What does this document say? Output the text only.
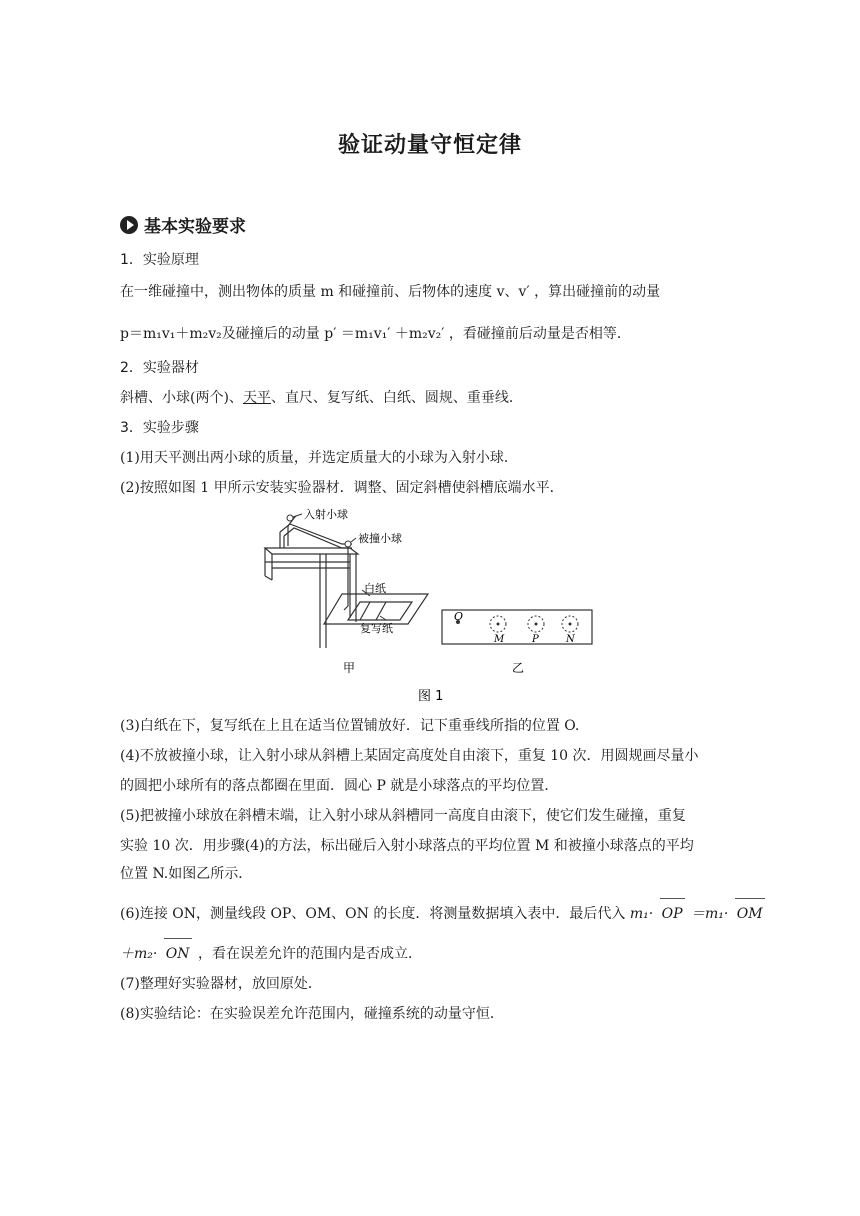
验证动量守恒定律
基本实验要求
1．实验原理
在一维碰撞中，测出物体的质量 m 和碰撞前、后物体的速度 v、v′ ，算出碰撞前的动量
p＝m₁v₁＋m₂v₂及碰撞后的动量 p′ ＝m₁v₁′ ＋m₂v₂′ ，看碰撞前后动量是否相等．
2．实验器材
斜槽、小球(两个)、天平、直尺、复写纸、白纸、圆规、重垂线．
3．实验步骤
(1)用天平测出两小球的质量，并选定质量大的小球为入射小球．
(2)按照如图 1 甲所示安装实验器材．调整、固定斜槽使斜槽底端水平．
入射小球
被撞小球
白纸
复写纸
O
M	P	N
甲	乙
图 1
(3)白纸在下，复写纸在上且在适当位置铺放好．记下重垂线所指的位置 O.
(4)不放被撞小球，让入射小球从斜槽上某固定高度处自由滚下，重复 10 次．用圆规画尽量小
的圆把小球所有的落点都圈在里面．圆心 P 就是小球落点的平均位置．
(5)把被撞小球放在斜槽末端，让入射小球从斜槽同一高度自由滚下，使它们发生碰撞，重复
实验 10 次．用步骤(4)的方法，标出碰后入射小球落点的平均位置 M 和被撞小球落点的平均
位置 N.如图乙所示．
(6)连接 ON，测量线段 OP、OM、ON 的长度．将测量数据填入表中．最后代入 m₁· OP ＝m₁· OM
＋m₂· ON ，看在误差允许的范围内是否成立．
(7)整理好实验器材，放回原处．
(8)实验结论：在实验误差允许范围内，碰撞系统的动量守恒．
